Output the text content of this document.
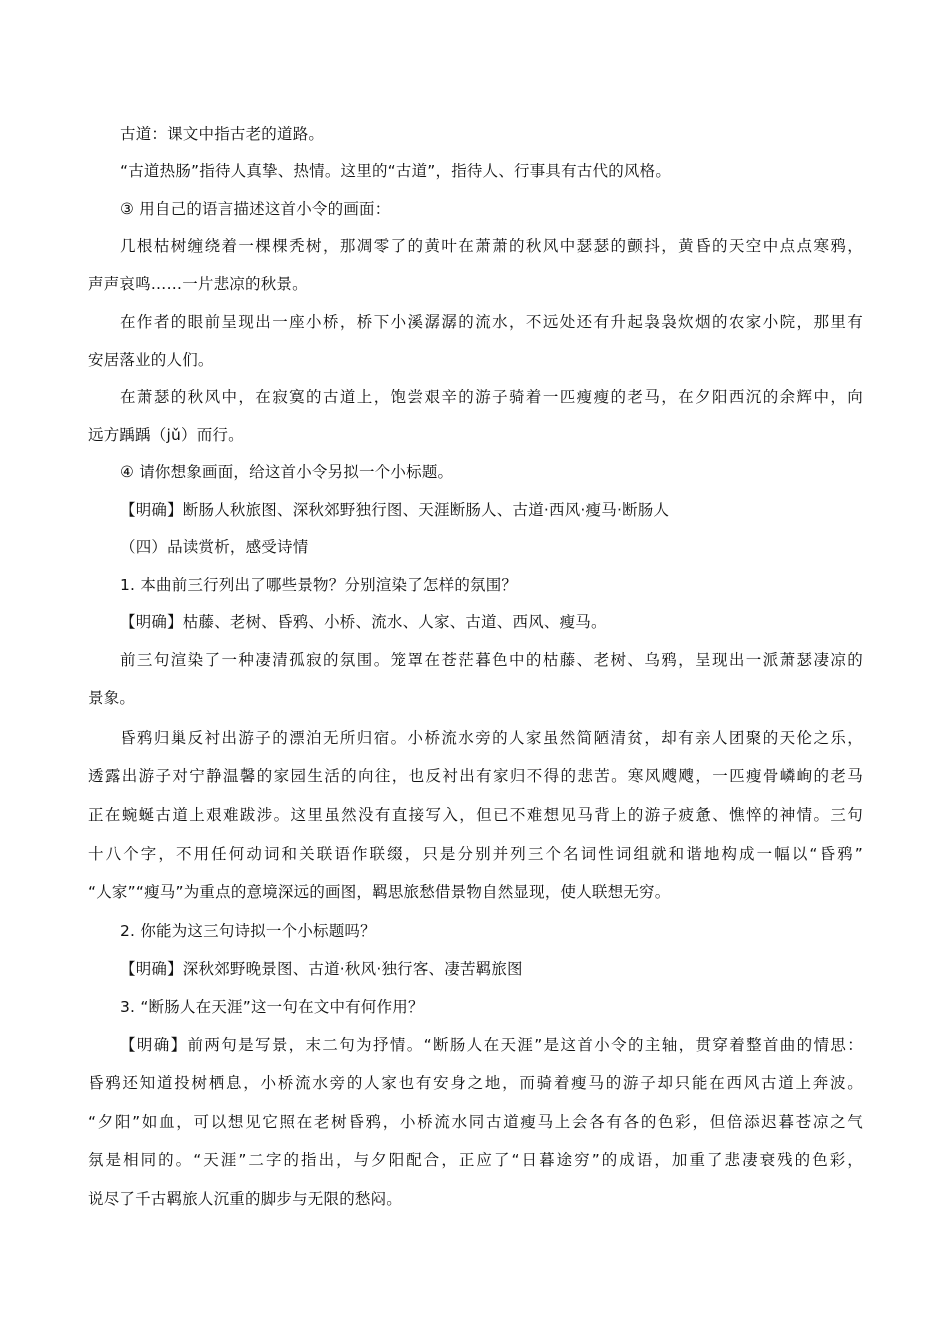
古道：课文中指古老的道路。
“古道热肠”指待人真挚、热情。这里的“古道”，指待人、行事具有古代的风格。
③ 用自己的语言描述这首小令的画面：
几根枯树缠绕着一棵棵秃树，那凋零了的黄叶在萧萧的秋风中瑟瑟的颤抖，黄昏的天空中点点寒鸦，
声声哀鸣……一片悲凉的秋景。
在作者的眼前呈现出一座小桥，桥下小溪潺潺的流水，不远处还有升起袅袅炊烟的农家小院，那里有
安居落业的人们。
在萧瑟的秋风中，在寂寞的古道上，饱尝艰辛的游子骑着一匹瘦瘦的老马，在夕阳西沉的余辉中，向
远方踽踽（jǔ）而行。
④ 请你想象画面，给这首小令另拟一个小标题。
【明确】断肠人秋旅图、深秋郊野独行图、天涯断肠人、古道·西风·瘦马·断肠人
（四）品读赏析，感受诗情
1. 本曲前三行列出了哪些景物？分别渲染了怎样的氛围？
【明确】枯藤、老树、昏鸦、小桥、流水、人家、古道、西风、瘦马。
前三句渲染了一种凄清孤寂的氛围。笼罩在苍茫暮色中的枯藤、老树、乌鸦，呈现出一派萧瑟凄凉的
景象。
昏鸦归巢反衬出游子的漂泊无所归宿。小桥流水旁的人家虽然简陋清贫，却有亲人团聚的天伦之乐，
透露出游子对宁静温馨的家园生活的向往，也反衬出有家归不得的悲苦。寒风飕飕，一匹瘦骨嶙峋的老马
正在蜿蜒古道上艰难跋涉。这里虽然没有直接写入，但已不难想见马背上的游子疲惫、憔悴的神情。三句
十八个字，不用任何动词和关联语作联缀，只是分别并列三个名词性词组就和谐地构成一幅以“昏鸦”
“人家”“瘦马”为重点的意境深远的画图，羁思旅愁借景物自然显现，使人联想无穷。
2. 你能为这三句诗拟一个小标题吗？
【明确】深秋郊野晚景图、古道·秋风·独行客、凄苦羁旅图
3. “断肠人在天涯”这一句在文中有何作用？
【明确】前两句是写景，末二句为抒情。“断肠人在天涯”是这首小令的主轴，贯穿着整首曲的情思：
昏鸦还知道投树栖息，小桥流水旁的人家也有安身之地，而骑着瘦马的游子却只能在西风古道上奔波。
“夕阳”如血，可以想见它照在老树昏鸦，小桥流水同古道瘦马上会各有各的色彩，但倍添迟暮苍凉之气
氛是相同的。“天涯”二字的指出，与夕阳配合，正应了“日暮途穷”的成语，加重了悲凄衰残的色彩，
说尽了千古羁旅人沉重的脚步与无限的愁闷。
